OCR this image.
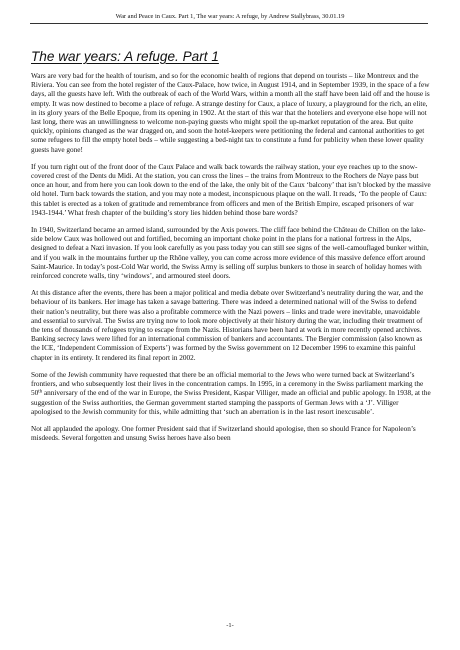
War and Peace in Caux. Part 1, The war years: A refuge, by Andrew Stallybrass, 30.01.19
The war years: A refuge. Part 1

Wars are very bad for the health of tourism, and so for the economic health of regions that depend on tourists – like Montreux and the Riviera. You can see from the hotel register of the Caux-Palace, how twice, in August 1914, and in September 1939, in the space of a few days, all the guests have left. With the outbreak of each of the World Wars, within a month all the staff have been laid off and the house is empty. It was now destined to become a place of refuge. A strange destiny for Caux, a place of luxury, a playground for the rich, an elite, in its glory years of the Belle Epoque, from its opening in 1902. At the start of this war that the hoteliers and everyone else hope will not last long, there was an unwillingness to welcome non-paying guests who might spoil the up-market reputation of the area. But quite quickly, opinions changed as the war dragged on, and soon the hotel-keepers were petitioning the federal and cantonal authorities to get some refugees to fill the empty hotel beds – while suggesting a bed-night tax to constitute a fund for publicity when these lower quality guests have gone!

If you turn right out of the front door of the Caux Palace and walk back towards the railway station, your eye reaches up to the snow-covered crest of the Dents du Midi. At the station, you can cross the lines – the trains from Montreux to the Rochers de Naye pass but once an hour, and from here you can look down to the end of the lake, the only bit of the Caux ‘balcony’ that isn’t blocked by the massive old hotel. Turn back towards the station, and you may note a modest, inconspicuous plaque on the wall. It reads, ‘To the people of Caux: this tablet is erected as a token of gratitude and remembrance from officers and men of the British Empire, escaped prisoners of war 1943-1944.’ What fresh chapter of the building’s story lies hidden behind those bare words?

In 1940, Switzerland became an armed island, surrounded by the Axis powers. The cliff face behind the Château de Chillon on the lake-side below Caux was hollowed out and fortified, becoming an important choke point in the plans for a national fortress in the Alps, designed to defeat a Nazi invasion. If you look carefully as you pass today you can still see signs of the well-camouflaged bunker within, and if you walk in the mountains further up the Rhône valley, you can come across more evidence of this massive defence effort around Saint-Maurice. In today’s post-Cold War world, the Swiss Army is selling off surplus bunkers to those in search of holiday homes with reinforced concrete walls, tiny ‘windows’, and armoured steel doors.

At this distance after the events, there has been a major political and media debate over Switzerland’s neutrality during the war, and the behaviour of its bankers. Her image has taken a savage battering. There was indeed a determined national will of the Swiss to defend their nation’s neutrality, but there was also a profitable commerce with the Nazi powers – links and trade were inevitable, unavoidable and essential to survival. The Swiss are trying now to look more objectively at their history during the war, including their treatment of the tens of thousands of refugees trying to escape from the Nazis. Historians have been hard at work in more recently opened archives. Banking secrecy laws were lifted for an international commission of bankers and accountants. The Bergier commission (also known as the ICE, ‘Independent Commission of Experts’) was formed by the Swiss government on 12 December 1996 to examine this painful chapter in its entirety. It rendered its final report in 2002.

Some of the Jewish community have requested that there be an official memorial to the Jews who were turned back at Switzerland’s frontiers, and who subsequently lost their lives in the concentration camps. In 1995, in a ceremony in the Swiss parliament marking the 50th anniversary of the end of the war in Europe, the Swiss President, Kaspar Villiger, made an official and public apology. In 1938, at the suggestion of the Swiss authorities, the German government started stamping the passports of German Jews with a ‘J’. Villiger apologised to the Jewish community for this, while admitting that ‘such an aberration is in the last resort inexcusable’.

Not all applauded the apology. One former President said that if Switzerland should apologise, then so should France for Napoleon’s misdeeds. Several forgotten and unsung Swiss heroes have also been

-1-
